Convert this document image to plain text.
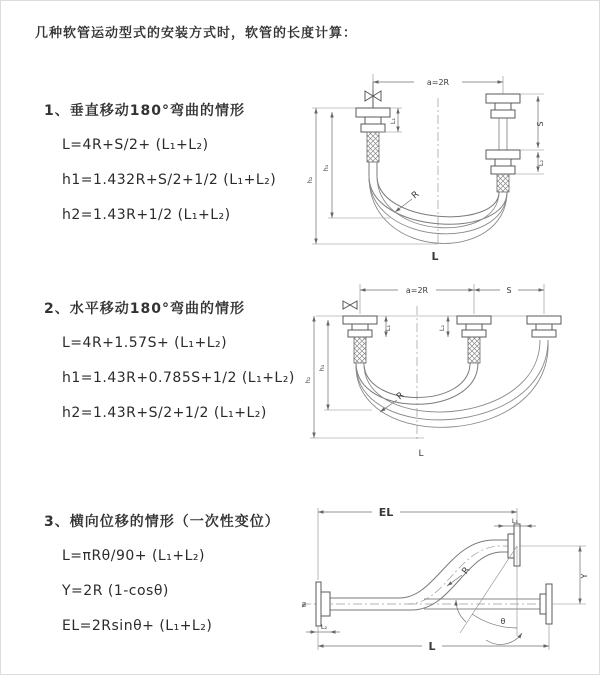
几种软管运动型式的安装方式时，软管的长度计算：
1、垂直移动180°弯曲的情形
L=4R+S/2+ (L₁+L₂)
h1=1.432R+S/2+1/2 (L₁+L₂)
h2=1.43R+1/2 (L₁+L₂)
2、水平移动180°弯曲的情形
L=4R+1.57S+ (L₁+L₂)
h1=1.43R+0.785S+1/2 (L₁+L₂)
h2=1.43R+S/2+1/2 (L₁+L₂)
3、横向位移的情形（一次性变位）
L=πRθ/90+ (L₁+L₂)
Y=2R (1-cosθ)
EL=2Rsinθ+ (L₁+L₂)
a=2R
h₂
h₁
L₁	S
L₂
R
L
a=2R	S
L₁	L₂
h₂
h₁
R
L
θ
R
EL
L₁
Y
L₂
L
Z
